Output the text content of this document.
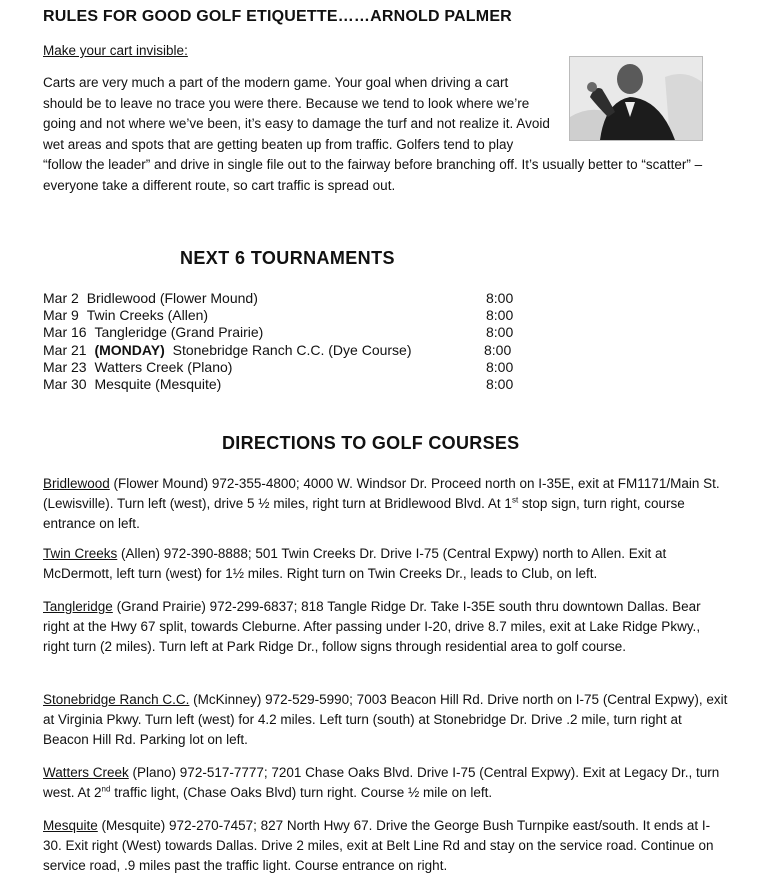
RULES FOR GOOD GOLF ETIQUETTE……ARNOLD PALMER
Make your cart invisible:

Carts are very much a part of the modern game. Your goal when driving a cart should be to leave no trace you were there. Because we tend to look where we’re going and not where we’ve been, it’s easy to damage the turf and not realize it. Avoid wet areas and spots that are getting beaten up from traffic. Golfers tend to play “follow the leader” and drive in single file out to the fairway before branching off. It’s usually better to “scatter” – everyone take a different route, so cart traffic is spread out.

NEXT 6 TOURNAMENTS
Mar 2 Bridlewood (Flower Mound)	8:00
Mar 9 Twin Creeks (Allen)	8:00
Mar 16 Tangleridge (Grand Prairie)	8:00
Mar 21 (MONDAY) Stonebridge Ranch C.C. (Dye Course)	8:00
Mar 23 Watters Creek (Plano)	8:00
Mar 30 Mesquite (Mesquite)	8:00
DIRECTIONS TO GOLF COURSES

Bridlewood (Flower Mound) 972-355-4800; 4000 W. Windsor Dr. Proceed north on I-35E, exit at FM1171/Main St. (Lewisville). Turn left (west), drive 5 ½ miles, right turn at Bridlewood Blvd. At 1st stop sign, turn right, course entrance on left.

Twin Creeks (Allen) 972-390-8888; 501 Twin Creeks Dr. Drive I-75 (Central Expwy) north to Allen. Exit at McDermott, left turn (west) for 1½ miles. Right turn on Twin Creeks Dr., leads to Club, on left.

Tangleridge (Grand Prairie) 972-299-6837; 818 Tangle Ridge Dr. Take I-35E south thru downtown Dallas. Bear right at the Hwy 67 split, towards Cleburne. After passing under I-20, drive 8.7 miles, exit at Lake Ridge Pkwy., right turn (2 miles). Turn left at Park Ridge Dr., follow signs through residential area to golf course.

Stonebridge Ranch C.C. (McKinney) 972-529-5990; 7003 Beacon Hill Rd. Drive north on I-75 (Central Expwy), exit at Virginia Pkwy. Turn left (west) for 4.2 miles. Left turn (south) at Stonebridge Dr. Drive .2 mile, turn right at Beacon Hill Rd. Parking lot on left.

Watters Creek (Plano) 972-517-7777; 7201 Chase Oaks Blvd. Drive I-75 (Central Expwy). Exit at Legacy Dr., turn west. At 2nd traffic light, (Chase Oaks Blvd) turn right. Course ½ mile on left.

Mesquite (Mesquite) 972-270-7457; 827 North Hwy 67. Drive the George Bush Turnpike east/south. It ends at I-30. Exit right (West) towards Dallas. Drive 2 miles, exit at Belt Line Rd and stay on the service road. Continue on service road, .9 miles past the traffic light. Course entrance on right.
